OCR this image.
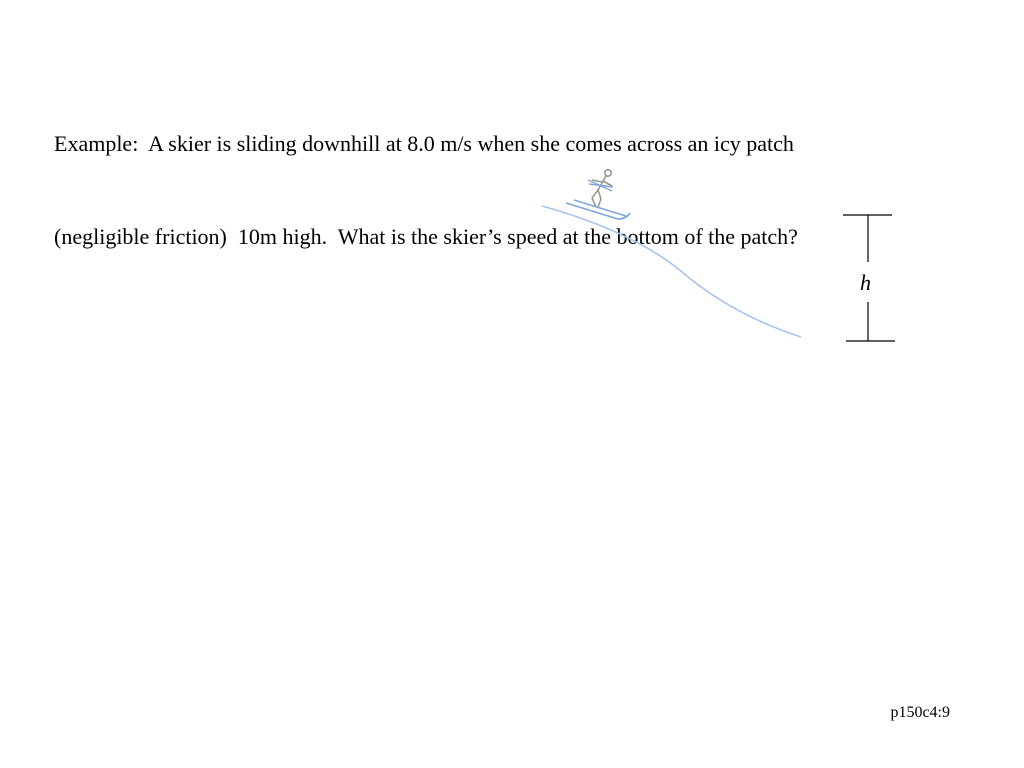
Example:  A skier is sliding downhill at 8.0 m/s when she comes across an icy patch

(negligible friction)  10m high.  What is the skier’s speed at the bottom of the patch?

h
p150c4:9
